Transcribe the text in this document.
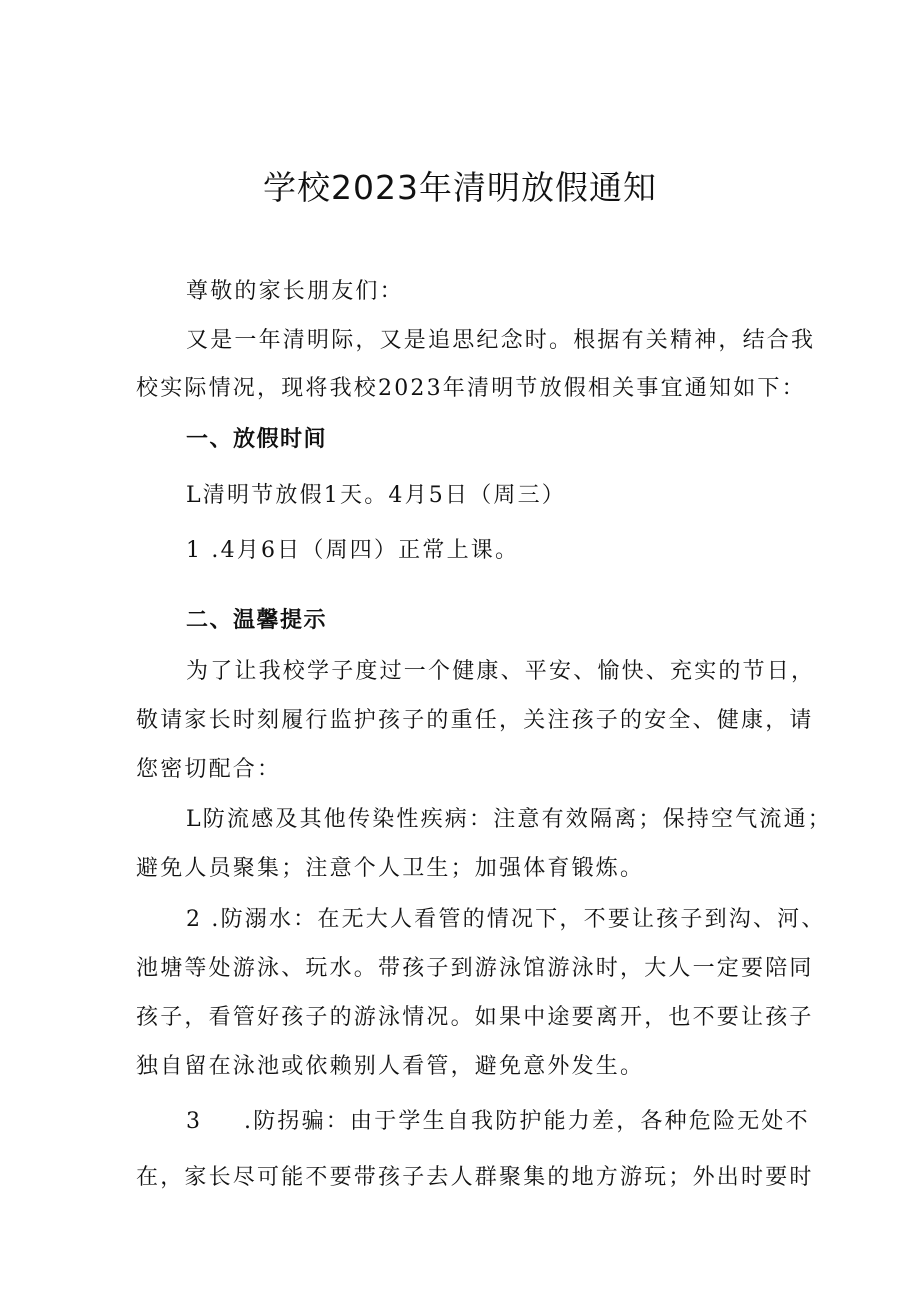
学校2023年清明放假通知
尊敬的家长朋友们：
又是一年清明际，又是追思纪念时。根据有关精神，结合我
校实际情况，现将我校2023年清明节放假相关事宜通知如下：
一、放假时间
L清明节放假1天。4月5日（周三）
1 .4月6日（周四）正常上课。
二、温馨提示
为了让我校学子度过一个健康、平安、愉快、充实的节日，
敬请家长时刻履行监护孩子的重任，关注孩子的安全、健康，请
您密切配合：
L防流感及其他传染性疾病：注意有效隔离；保持空气流通；
避免人员聚集；注意个人卫生；加强体育锻炼。
2 .防溺水：在无大人看管的情况下，不要让孩子到沟、河、
池塘等处游泳、玩水。带孩子到游泳馆游泳时，大人一定要陪同
孩子，看管好孩子的游泳情况。如果中途要离开，也不要让孩子
独自留在泳池或依赖别人看管，避免意外发生。
3 .防拐骗：由于学生自我防护能力差，各种危险无处不
在，家长尽可能不要带孩子去人群聚集的地方游玩；外出时要时
